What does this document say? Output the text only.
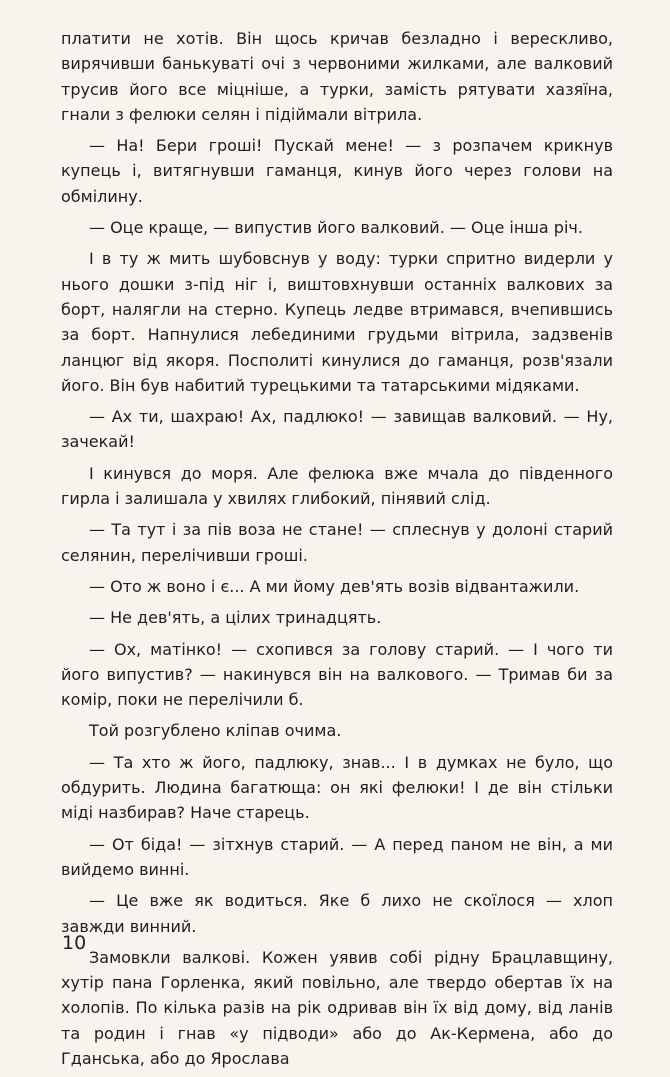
платити не хотів. Він щось кричав безладно і верескливо, вирячивши банькуваті очі з червоними жилками, але валковий трусив його все міцніше, а турки, замість рятувати хазяїна, гнали з фелюки селян і підіймали вітрила.

— На! Бери гроші! Пускай мене! — з розпачем крикнув купець і, витягнувши гаманця, кинув його через голови на обмілину.

— Оце краще, — випустив його валковий. — Оце інша річ.

І в ту ж мить шубовснув у воду: турки спритно видерли у нього дошки з-під ніг і, виштовхнувши останніх валкових за борт, налягли на стерно. Купець ледве втримався, вчепившись за борт. Напнулися лебединими грудьми вітрила, задзвенів ланцюг від якоря. Посполиті кинулися до гаманця, розв'язали його. Він був набитий турецькими та татарськими мідяками.

— Ах ти, шахраю! Ах, падлюко! — завищав валковий. — Ну, зачекай!

І кинувся до моря. Але фелюка вже мчала до південного гирла і залишала у хвилях глибокий, пінявий слід.

— Та тут і за пів воза не стане! — сплеснув у долоні старий селянин, перелічивши гроші.

— Ото ж воно і є... А ми йому дев'ять возів відвантажили.

— Не дев'ять, а цілих тринадцять.

— Ох, матінко! — схопився за голову старий. — І чого ти його випустив? — накинувся він на валкового. — Тримав би за комір, поки не перелічили б.

Той розгублено кліпав очима.

— Та хто ж його, падлюку, знав... І в думках не було, що обдурить. Людина багатюща: он які фелюки! І де він стільки міді назбирав? Наче старець.

— От біда! — зітхнув старий. — А перед паном не він, а ми вийдемо винні.

— Це вже як водиться. Яке б лихо не скоїлося — хлоп завжди винний.

Замовкли валкові. Кожен уявив собі рідну Брацлавщину, хутір пана Горленка, який повільно, але твердо обертав їх на холопів. По кілька разів на рік одривав він їх від дому, від ланів та родин і гнав «у підводи» або до Ак-Кермена, або до Гданська, або до Ярослава

10
